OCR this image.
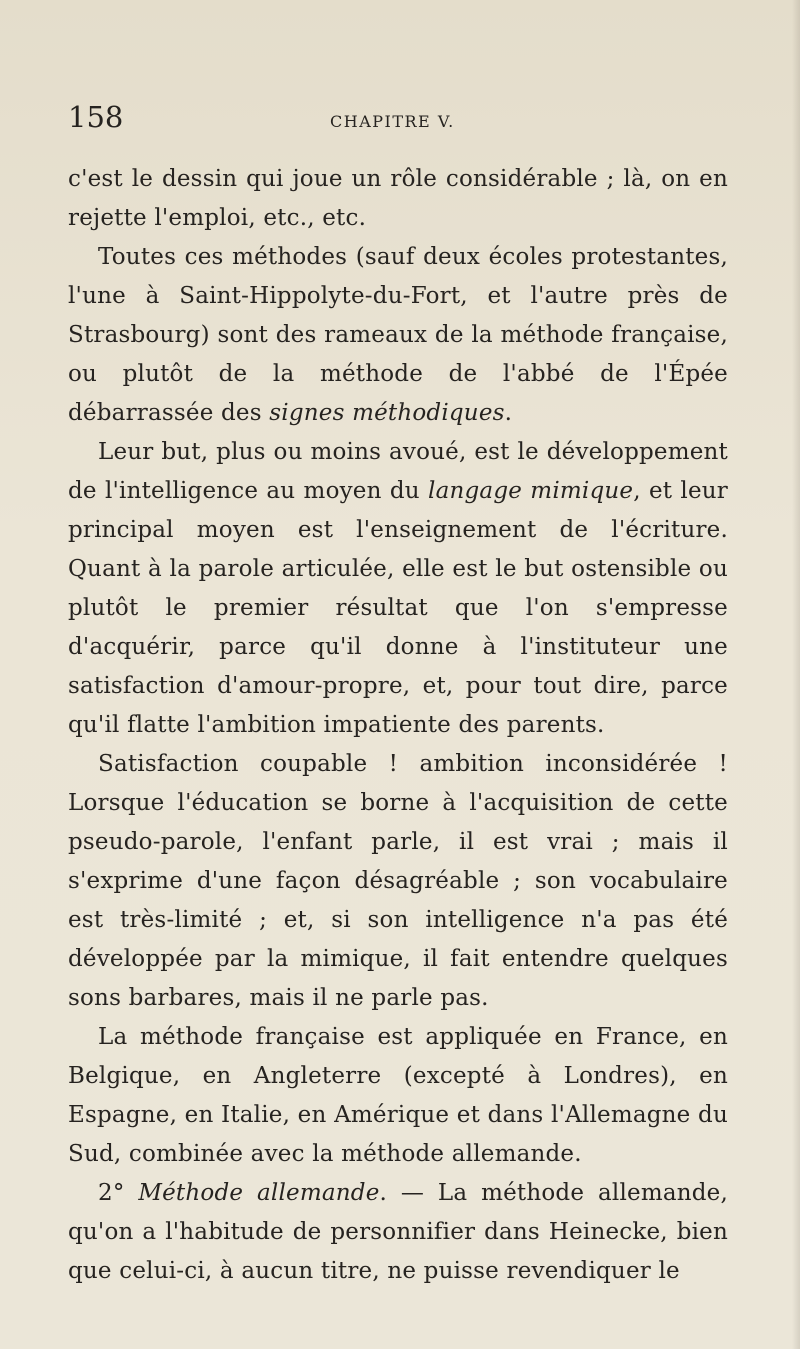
158	CHAPITRE V.

c'est le dessin qui joue un rôle considérable ; là, on en rejette l'emploi, etc., etc.

Toutes ces méthodes (sauf deux écoles protestantes, l'une à Saint-Hippolyte-du-Fort, et l'autre près de Strasbourg) sont des rameaux de la méthode française, ou plutôt de la méthode de l'abbé de l'Épée débarrassée des signes méthodiques.

Leur but, plus ou moins avoué, est le développement de l'intelligence au moyen du langage mimique, et leur principal moyen est l'enseignement de l'écriture. Quant à la parole articulée, elle est le but ostensible ou plutôt le premier résultat que l'on s'empresse d'acquérir, parce qu'il donne à l'instituteur une satisfaction d'amour-propre, et, pour tout dire, parce qu'il flatte l'ambition impatiente des parents.

Satisfaction coupable ! ambition inconsidérée ! Lorsque l'éducation se borne à l'acquisition de cette pseudo-parole, l'enfant parle, il est vrai ; mais il s'exprime d'une façon désagréable ; son vocabulaire est très-limité ; et, si son intelligence n'a pas été développée par la mimique, il fait entendre quelques sons barbares, mais il ne parle pas.

La méthode française est appliquée en France, en Belgique, en Angleterre (excepté à Londres), en Espagne, en Italie, en Amérique et dans l'Allemagne du Sud, combinée avec la méthode allemande.

2° Méthode allemande. — La méthode allemande, qu'on a l'habitude de personnifier dans Heinecke, bien que celui-ci, à aucun titre, ne puisse revendiquer le
